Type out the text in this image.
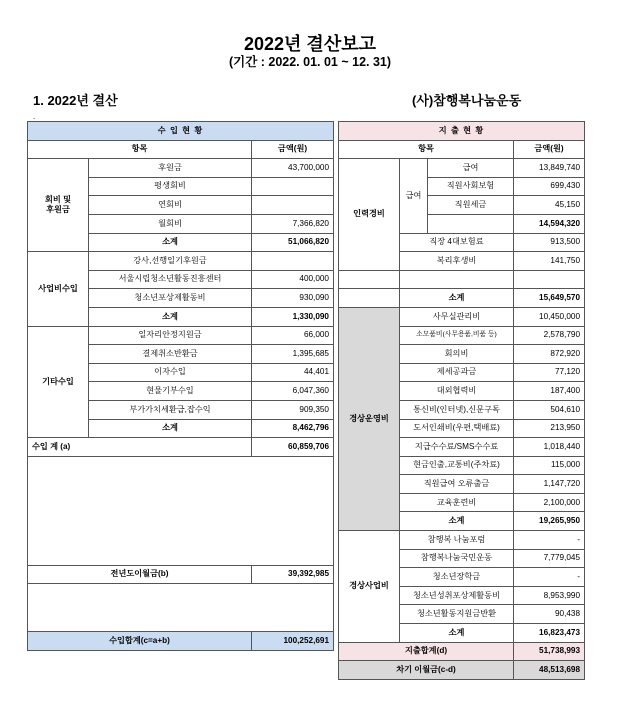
2022년 결산보고
(기간 : 2022. 01. 01 ~ 12. 31)
1. 2022년 결산	(사)참행복나눔운동
.
수 입 현 황		
항목		금액(원)
회비 및
후원금	후원금	43,700,000
	평생회비	
	연회비	
	월회비	7,366,820
	소계	51,066,820
사업비수입	강사,선행일기후원금	
	서울시립청소년활동진흥센터	400,000
	청소년포상제활동비	930,090
	소계	1,330,090
기타수입	일자리안정지원금	66,000
	결제취소반환금	1,395,685
	이자수입	44,401
	현물기부수입	6,047,360
	부가가치세환급,잡수익	909,350
	소계	8,462,796
수입 계 (a)		60,859,706

전년도이월금(b)		39,392,985

수입합계(c=a+b)		100,252,691
지 출 현 황			
항목			금액(원)
인력경비	급여	급여	13,849,740
		직원사회보험	699,430
		직원세금	45,150
			14,594,320
	직장 4대보험료		913,500
	복리후생비		141,750

	소계		15,649,570
경상운영비	사무실관리비		10,450,000
	소모품비(사무용품,비품 등)		2,578,790
	회의비		872,920
	제세공과금		77,120
	대외협력비		187,400
	통신비(인터넷),신문구독		504,610
	도서인쇄비(우편,택배료)		213,950
	지급수수료/SMS수수료		1,018,440
	현금인출,교통비(주차료)		115,000
	직원급여 오류출금		1,147,720
	교육훈련비		2,100,000
	소계		19,265,950
경상사업비	참행복 나눔포럼		-
	참행복나눔국민운동		7,779,045
	청소년장학금		-
	청소년성취포상제활동비		8,953,990
	청소년활동지원금반환		90,438
	소계		16,823,473
지출합계(d)			51,738,993
차기 이월금(c-d)			48,513,698
